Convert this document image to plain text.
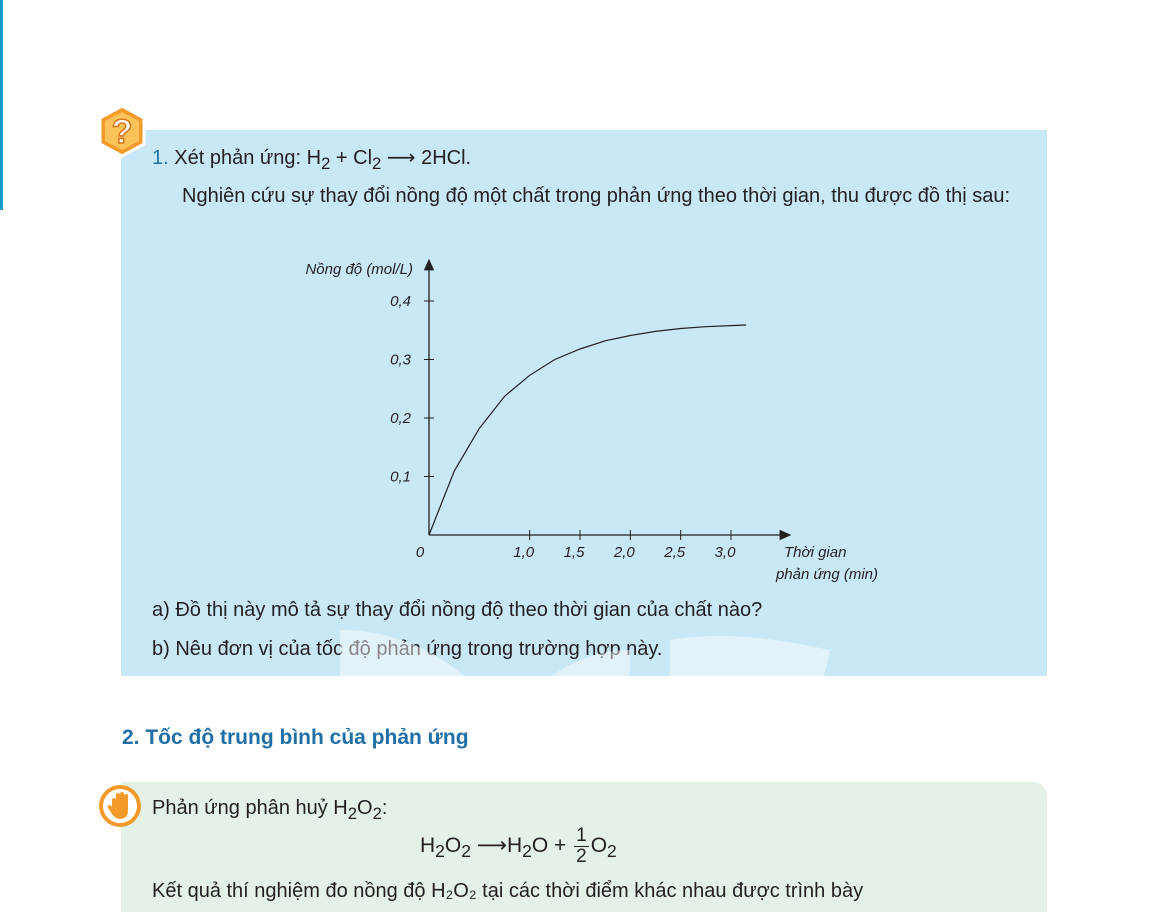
?
1. Xét phản ứng: $H_2 + Cl_2$ ⟶ 2HCl.
Nghiên cứu sự thay đổi nồng độ một chất trong phản ứng theo thời gian, thu được đồ thị sau:
1,0 1,5 2,0 2,5 3,0
0,1
0,2
0,3
0,4
Nồng độ (mol/L)
0	Thời gian
phản ứng (min)
a) Đồ thị này mô tả sự thay đổi nồng độ theo thời gian của chất nào?
b) Nêu đơn vị của tốc độ phản ứng trong trường hợp này.
2. Tốc độ trung bình của phản ứng
Phản ứng phân huỷ $H_2O_2$:
$H_2O_2$ $⟶H_2O + \frac{1}{2} O_2$
Kết quả thí nghiệm đo nồng độ H₂O₂ tại các thời điểm khác nhau được trình bày
